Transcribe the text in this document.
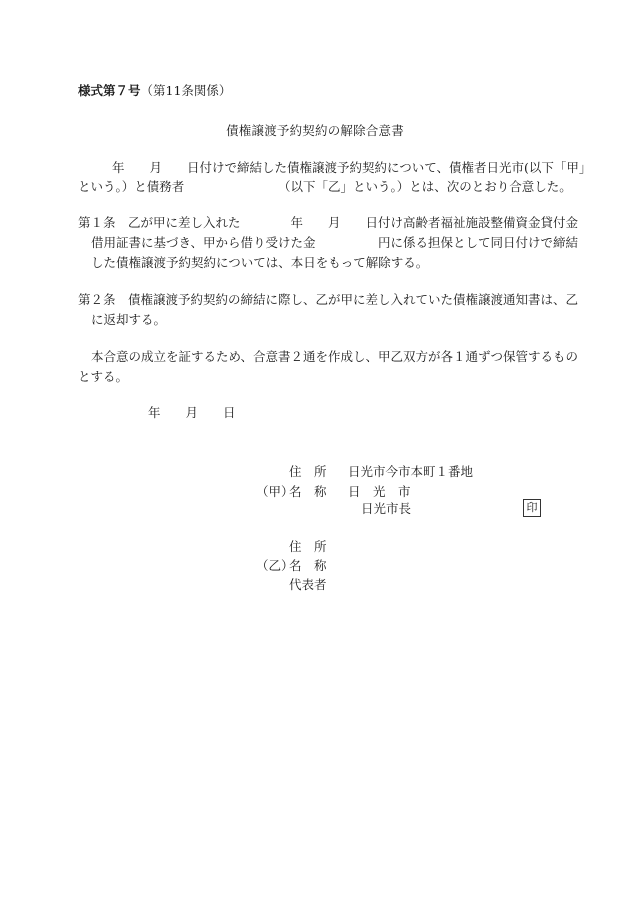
様式第７号（第11条関係）

債権譲渡予約契約の解除合意書

年　　月　　日付けで締結した債権譲渡予約契約について、債権者日光市(以下「甲」

という。）と債務者　　　　　　　　（以下「乙」という。）とは、次のとおり合意した。

第１条　乙が甲に差し入れた　　　　年　　月　　日付け高齢者福祉施設整備資金貸付金

借用証書に基づき、甲から借り受けた金　　　　　円に係る担保として同日付けで締結

した債権譲渡予約契約については、本日をもって解除する。

第２条　債権譲渡予約契約の締結に際し、乙が甲に差し入れていた債権譲渡通知書は、乙

に返却する。

本合意の成立を証するため、合意書２通を作成し、甲乙双方が各１通ずつ保管するもの

とする。

年　　月　　日

住　所 日光市今市本町１番地

（甲）

名　称 日　光　市

日光市長	印

住　所

（乙）

名　称

代表者
